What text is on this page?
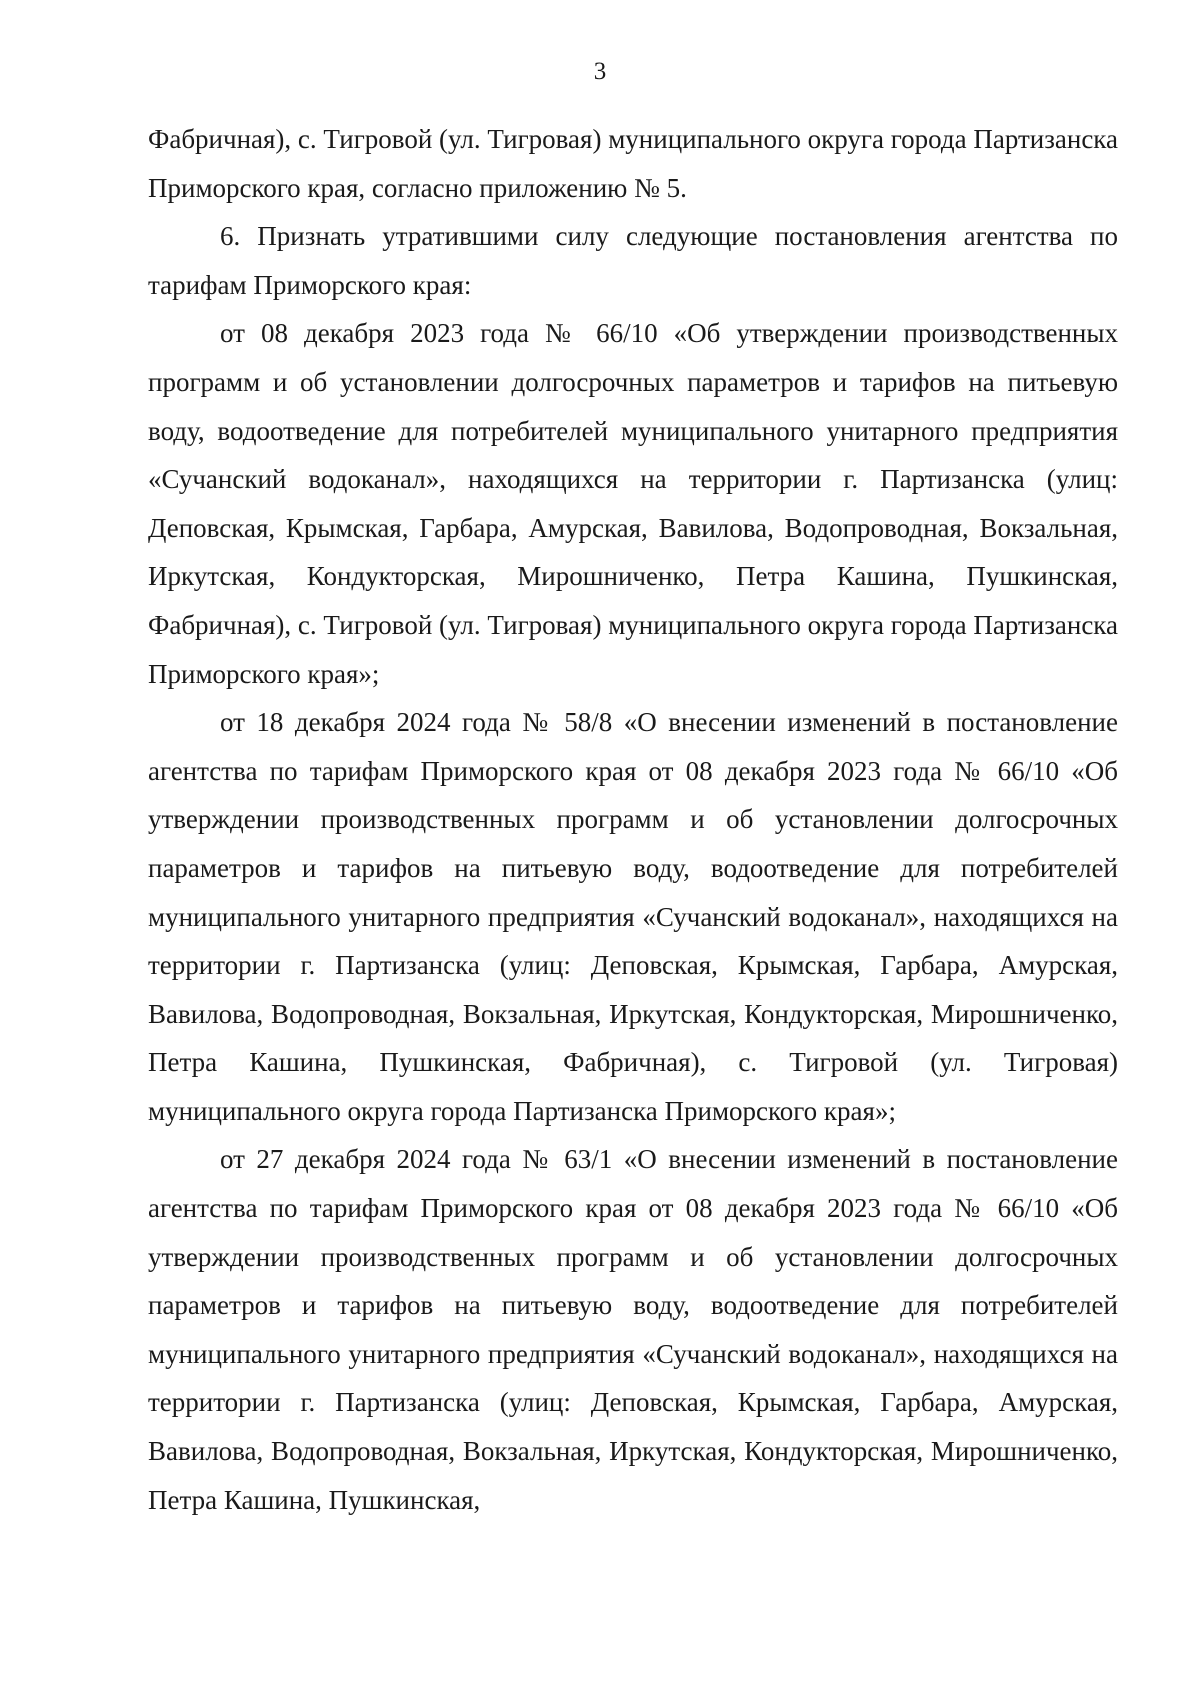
3

Фабричная), с. Тигровой (ул. Тигровая) муниципального округа города Партизанска Приморского края, согласно приложению № 5.

6. Признать утратившими силу следующие постановления агентства по тарифам Приморского края:

от 08 декабря 2023 года № 66/10 «Об утверждении производственных программ и об установлении долгосрочных параметров и тарифов на питьевую воду, водоотведение для потребителей муниципального унитарного предприятия «Сучанский водоканал», находящихся на территории г. Партизанска (улиц: Деповская, Крымская, Гарбара, Амурская, Вавилова, Водопроводная, Вокзальная, Иркутская, Кондукторская, Мирошниченко, Петра Кашина, Пушкинская, Фабричная), с. Тигровой (ул. Тигровая) муниципального округа города Партизанска Приморского края»;

от 18 декабря 2024 года № 58/8 «О внесении изменений в постановление агентства по тарифам Приморского края от 08 декабря 2023 года № 66/10 «Об утверждении производственных программ и об установлении долгосрочных параметров и тарифов на питьевую воду, водоотведение для потребителей муниципального унитарного предприятия «Сучанский водоканал», находящихся на территории г. Партизанска (улиц: Деповская, Крымская, Гарбара, Амурская, Вавилова, Водопроводная, Вокзальная, Иркутская, Кондукторская, Мирошниченко, Петра Кашина, Пушкинская, Фабричная), с. Тигровой (ул. Тигровая) муниципального округа города Партизанска Приморского края»;

от 27 декабря 2024 года № 63/1 «О внесении изменений в постановление агентства по тарифам Приморского края от 08 декабря 2023 года № 66/10 «Об утверждении производственных программ и об установлении долгосрочных параметров и тарифов на питьевую воду, водоотведение для потребителей муниципального унитарного предприятия «Сучанский водоканал», находящихся на территории г. Партизанска (улиц: Деповская, Крымская, Гарбара, Амурская, Вавилова, Водопроводная, Вокзальная, Иркутская, Кондукторская, Мирошниченко, Петра Кашина, Пушкинская,
